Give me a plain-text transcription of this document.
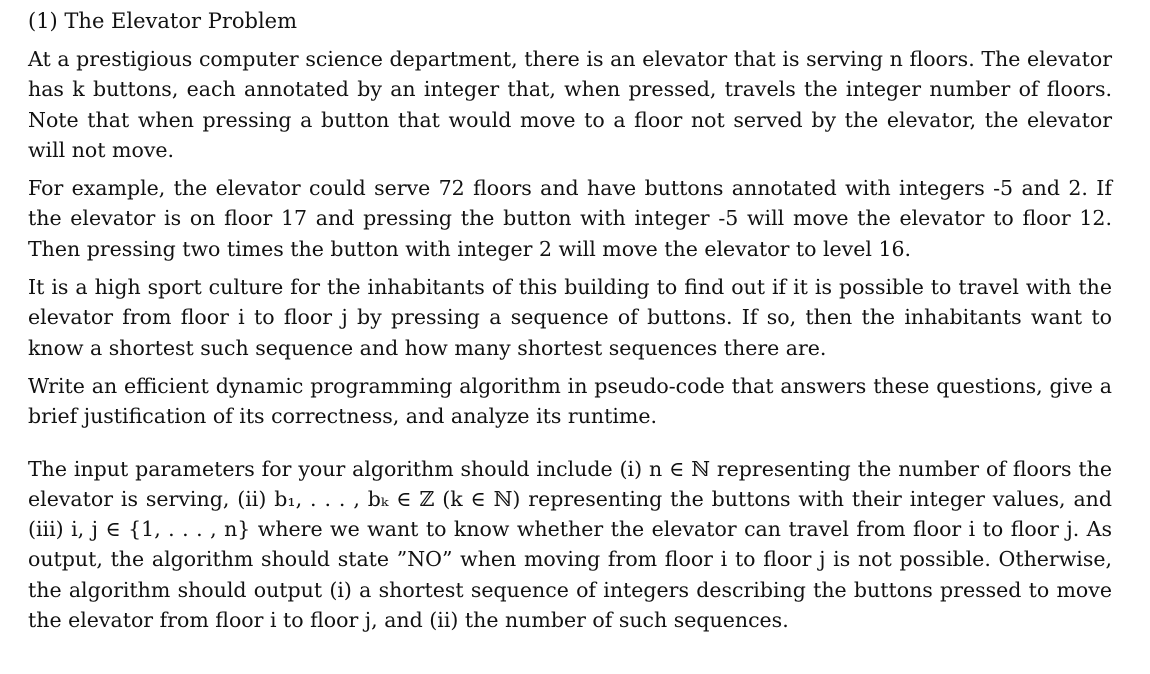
(1) The Elevator Problem

At a prestigious computer science department, there is an elevator that is serving n floors. The elevator has k buttons, each annotated by an integer that, when pressed, travels the integer number of floors. Note that when pressing a button that would move to a floor not served by the elevator, the elevator will not move.

For example, the elevator could serve 72 floors and have buttons annotated with integers -5 and 2. If the elevator is on floor 17 and pressing the button with integer -5 will move the elevator to floor 12. Then pressing two times the button with integer 2 will move the elevator to level 16.

It is a high sport culture for the inhabitants of this building to find out if it is possible to travel with the elevator from floor i to floor j by pressing a sequence of buttons. If so, then the inhabitants want to know a shortest such sequence and how many shortest sequences there are.

Write an efficient dynamic programming algorithm in pseudo-code that answers these questions, give a brief justification of its correctness, and analyze its runtime.

The input parameters for your algorithm should include (i) n ∈ ℕ representing the number of floors the elevator is serving, (ii) b₁, . . . , bₖ ∈ ℤ (k ∈ ℕ) representing the buttons with their integer values, and (iii) i, j ∈ {1, . . . , n} where we want to know whether the elevator can travel from floor i to floor j. As output, the algorithm should state ”NO” when moving from floor i to floor j is not possible. Otherwise, the algorithm should output (i) a shortest sequence of integers describing the buttons pressed to move the elevator from floor i to floor j, and (ii) the number of such sequences.
